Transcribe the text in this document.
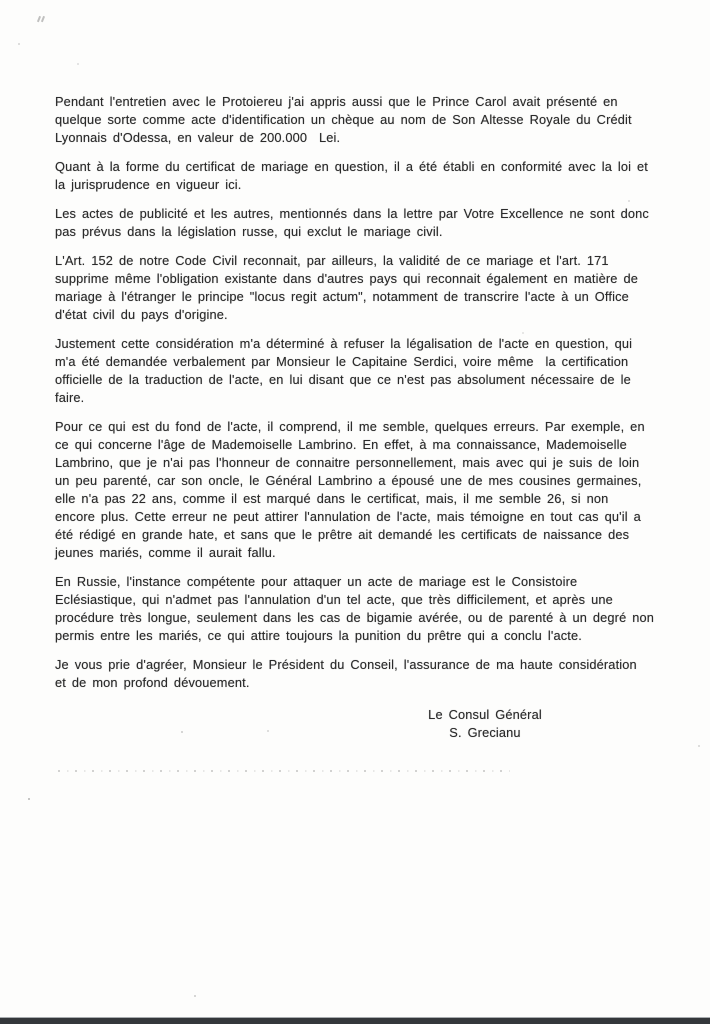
Pendant l'entretien avec le Protoiereu j'ai appris aussi que le Prince Carol avait présenté en
quelque sorte comme acte d'identification un chèque au nom de Son Altesse Royale du Crédit
Lyonnais d'Odessa, en valeur de 200.000  Lei.
Quant à la forme du certificat de mariage en question, il a été établi en conformité avec la loi et
la jurisprudence en vigueur ici.
Les actes de publicité et les autres, mentionnés dans la lettre par Votre Excellence ne sont donc
pas prévus dans la législation russe, qui exclut le mariage civil.
L'Art. 152 de notre Code Civil reconnait, par ailleurs, la validité de ce mariage et l'art. 171
supprime même l'obligation existante dans d'autres pays qui reconnait également en matière de
mariage à l'étranger le principe "locus regit actum", notamment de transcrire l'acte à un Office
d'état civil du pays d'origine.
Justement cette considération m'a déterminé à refuser la légalisation de l'acte en question, qui
m'a été demandée verbalement par Monsieur le Capitaine Serdici, voire même  la certification
officielle de la traduction de l'acte, en lui disant que ce n'est pas absolument nécessaire de le
faire.
Pour ce qui est du fond de l'acte, il comprend, il me semble, quelques erreurs. Par exemple, en
ce qui concerne l'âge de Mademoiselle Lambrino. En effet, à ma connaissance, Mademoiselle
Lambrino, que je n'ai pas l'honneur de connaitre personnellement, mais avec qui je suis de loin
un peu parenté, car son oncle, le Général Lambrino a épousé une de mes cousines germaines,
elle n'a pas 22 ans, comme il est marqué dans le certificat, mais, il me semble 26, si non
encore plus. Cette erreur ne peut attirer l'annulation de l'acte, mais témoigne en tout cas qu'il a
été rédigé en grande hate, et sans que le prêtre ait demandé les certificats de naissance des
jeunes mariés, comme il aurait fallu.
En Russie, l'instance compétente pour attaquer un acte de mariage est le Consistoire
Eclésiastique, qui n'admet pas l'annulation d'un tel acte, que très difficilement, et après une
procédure très longue, seulement dans les cas de bigamie avérée, ou de parenté à un degré non
permis entre les mariés, ce qui attire toujours la punition du prêtre qui a conclu l'acte.
Je vous prie d'agréer, Monsieur le Président du Conseil, l'assurance de ma haute considération
et de mon profond dévouement.
Le Consul Général
S. Grecianu
